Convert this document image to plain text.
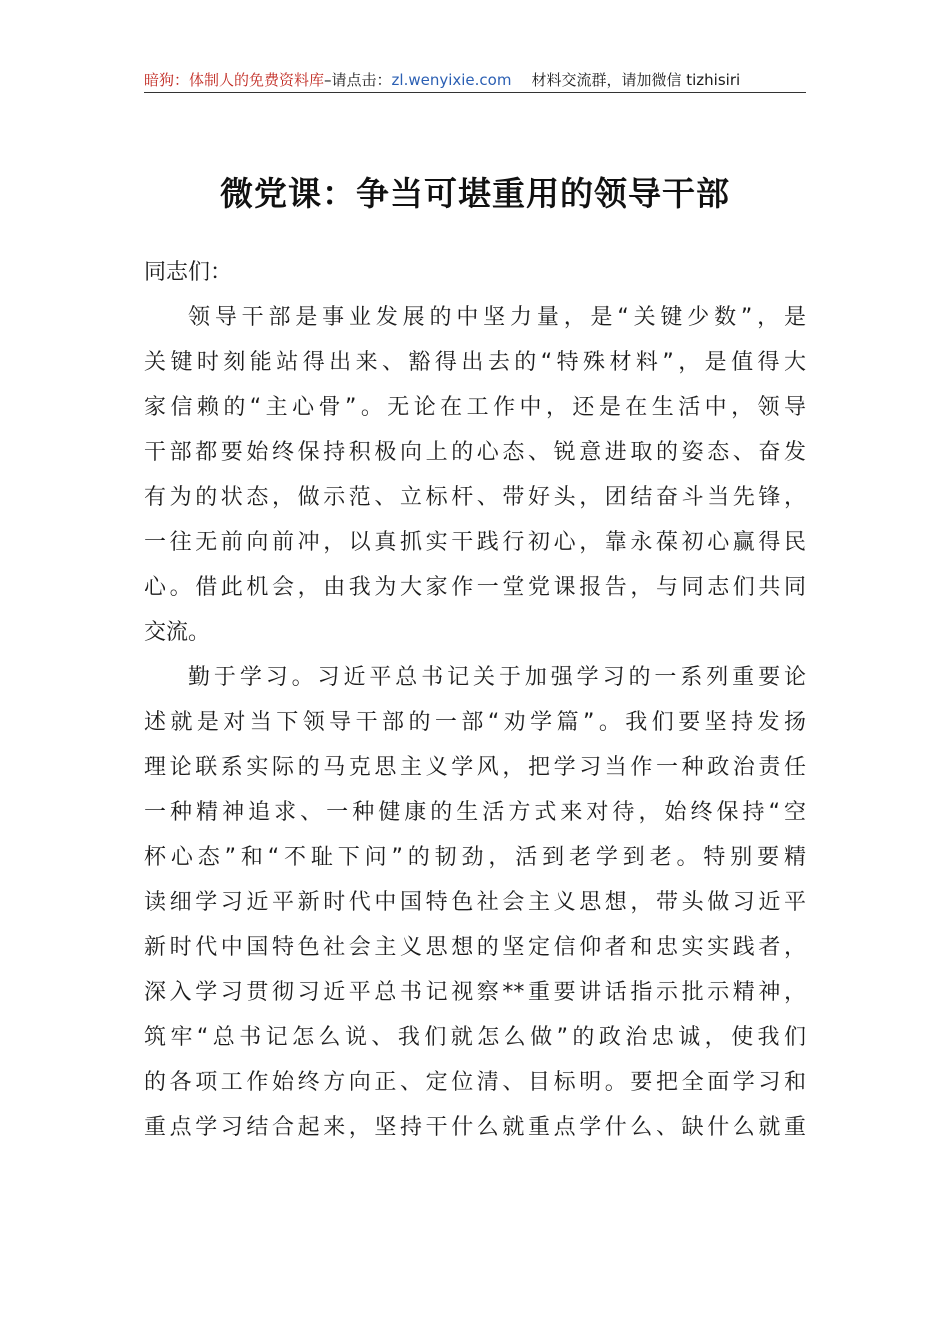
暗狗：体制人的免费资料库–请点击：zl.wenyixie.com 材料交流群，请加微信 tizhisiri
微党课：争当可堪重用的领导干部
同志们：
领导干部是事业发展的中坚力量，是“关键少数”，是
关键时刻能站得出来、豁得出去的“特殊材料”，是值得大
家信赖的“主心骨”。无论在工作中，还是在生活中，领导
干部都要始终保持积极向上的心态、锐意进取的姿态、奋发
有为的状态，做示范、立标杆、带好头，团结奋斗当先锋，
一往无前向前冲，以真抓实干践行初心，靠永葆初心赢得民
心。借此机会，由我为大家作一堂党课报告，与同志们共同
交流。
勤于学习。习近平总书记关于加强学习的一系列重要论
述就是对当下领导干部的一部“劝学篇”。我们要坚持发扬
理论联系实际的马克思主义学风，把学习当作一种政治责任
一种精神追求、一种健康的生活方式来对待，始终保持“空
杯心态”和“不耻下问”的韧劲，活到老学到老。特别要精
读细学习近平新时代中国特色社会主义思想，带头做习近平
新时代中国特色社会主义思想的坚定信仰者和忠实实践者，
深入学习贯彻习近平总书记视察**重要讲话指示批示精神，
筑牢“总书记怎么说、我们就怎么做”的政治忠诚，使我们
的各项工作始终方向正、定位清、目标明。要把全面学习和
重点学习结合起来，坚持干什么就重点学什么、缺什么就重
